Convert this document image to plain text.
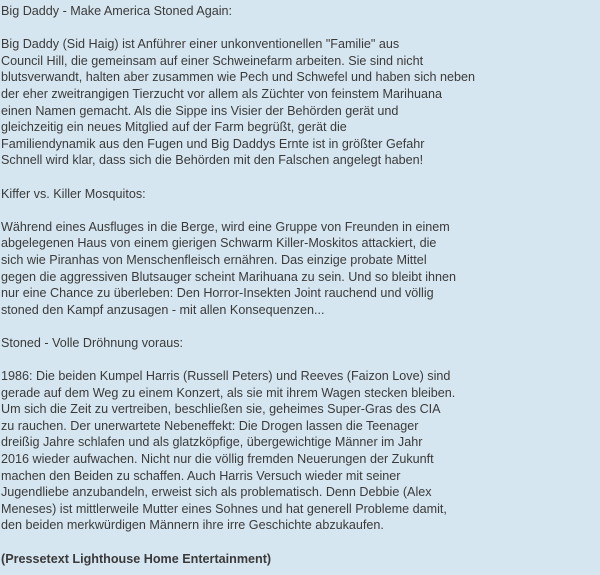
Big Daddy - Make America Stoned Again:
Big Daddy (Sid Haig) ist Anführer einer unkonventionellen "Familie" aus
Council Hill, die gemeinsam auf einer Schweinefarm arbeiten. Sie sind nicht
blutsverwandt, halten aber zusammen wie Pech und Schwefel und haben sich neben
der eher zweitrangigen Tierzucht vor allem als Züchter von feinstem Marihuana
einen Namen gemacht. Als die Sippe ins Visier der Behörden gerät und
gleichzeitig ein neues Mitglied auf der Farm begrüßt, gerät die
Familiendynamik aus den Fugen und Big Daddys Ernte ist in größter Gefahr
Schnell wird klar, dass sich die Behörden mit den Falschen angelegt haben!
Kiffer vs. Killer Mosquitos:
Während eines Ausfluges in die Berge, wird eine Gruppe von Freunden in einem
abgelegenen Haus von einem gierigen Schwarm Killer-Moskitos attackiert, die
sich wie Piranhas von Menschenfleisch ernähren. Das einzige probate Mittel
gegen die aggressiven Blutsauger scheint Marihuana zu sein. Und so bleibt ihnen
nur eine Chance zu überleben: Den Horror-Insekten Joint rauchend und völlig
stoned den Kampf anzusagen - mit allen Konsequenzen...
Stoned - Volle Dröhnung voraus:
1986: Die beiden Kumpel Harris (Russell Peters) und Reeves (Faizon Love) sind
gerade auf dem Weg zu einem Konzert, als sie mit ihrem Wagen stecken bleiben.
Um sich die Zeit zu vertreiben, beschließen sie, geheimes Super-Gras des CIA
zu rauchen. Der unerwartete Nebeneffekt: Die Drogen lassen die Teenager
dreißig Jahre schlafen und als glatzköpfige, übergewichtige Männer im Jahr
2016 wieder aufwachen. Nicht nur die völlig fremden Neuerungen der Zukunft
machen den Beiden zu schaffen. Auch Harris Versuch wieder mit seiner
Jugendliebe anzubandeln, erweist sich als problematisch. Denn Debbie (Alex
Meneses) ist mittlerweile Mutter eines Sohnes und hat generell Probleme damit,
den beiden merkwürdigen Männern ihre irre Geschichte abzukaufen.
(Pressetext Lighthouse Home Entertainment)
